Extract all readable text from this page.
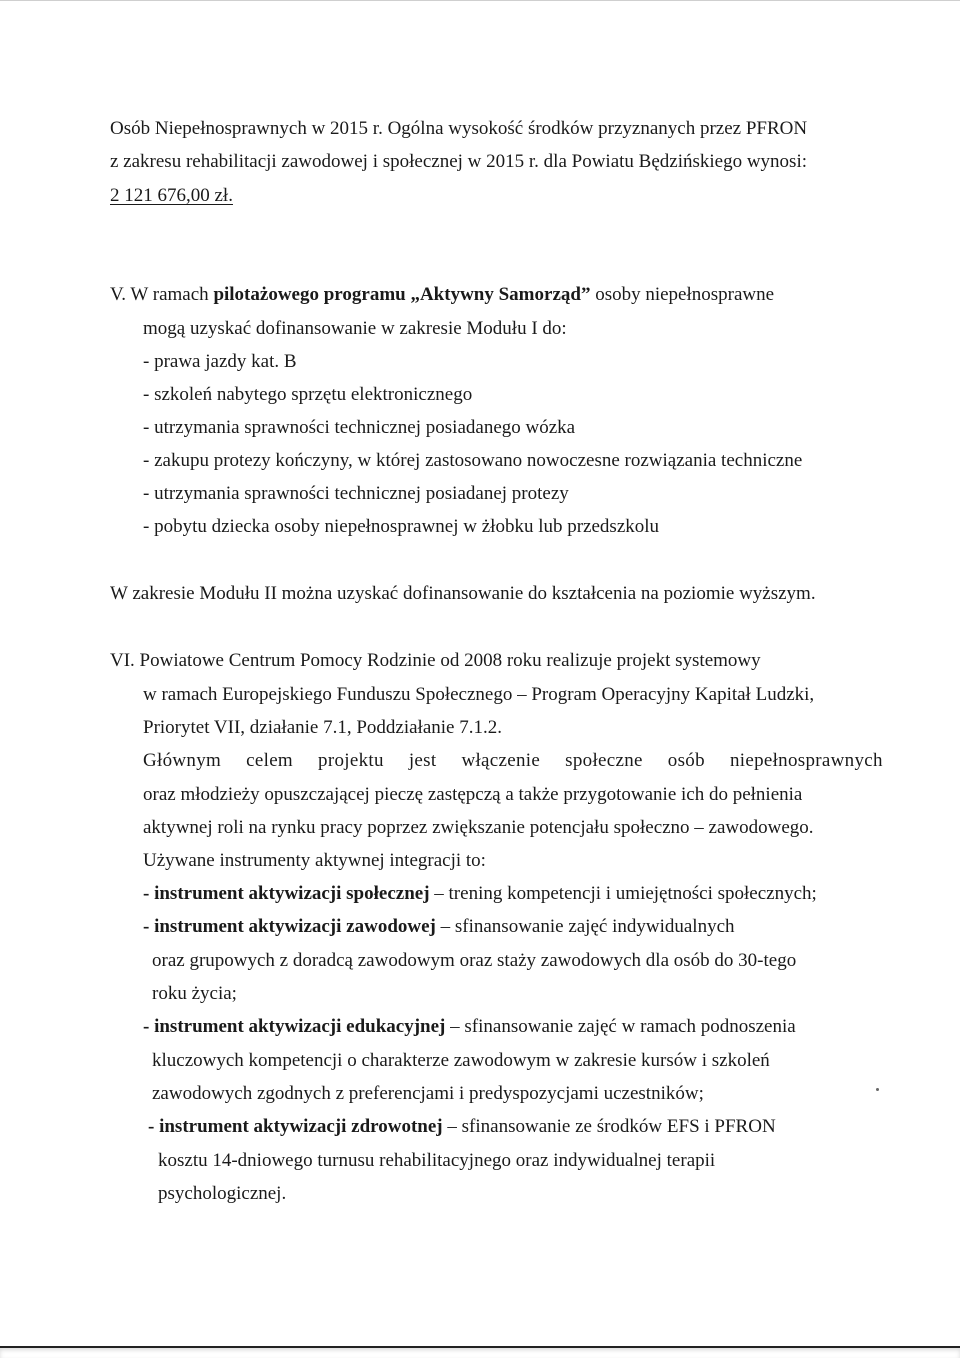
Osób Niepełnosprawnych w 2015 r. Ogólna wysokość środków przyznanych przez PFRON
z zakresu rehabilitacji zawodowej i społecznej w 2015 r. dla Powiatu Będzińskiego wynosi:
2 121 676,00 zł.
V. W ramach pilotażowego programu „Aktywny Samorząd” osoby niepełnosprawne
mogą uzyskać dofinansowanie w zakresie Modułu I do:
- prawa jazdy kat. B
- szkoleń nabytego sprzętu elektronicznego
- utrzymania sprawności technicznej posiadanego wózka
- zakupu protezy kończyny, w której zastosowano nowoczesne rozwiązania techniczne
- utrzymania sprawności technicznej posiadanej protezy
- pobytu dziecka osoby niepełnosprawnej w żłobku lub przedszkolu
W zakresie Modułu II można uzyskać dofinansowanie do kształcenia na poziomie wyższym.
VI. Powiatowe Centrum Pomocy Rodzinie od 2008 roku realizuje projekt systemowy
w ramach Europejskiego Funduszu Społecznego – Program Operacyjny Kapitał Ludzki,
Priorytet VII, działanie 7.1, Poddziałanie 7.1.2.
Głównym celem projektu jest włączenie społeczne osób niepełnosprawnych
oraz młodzieży opuszczającej pieczę zastępczą a także przygotowanie ich do pełnienia
aktywnej roli na rynku pracy poprzez zwiększanie potencjału społeczno – zawodowego.
Używane instrumenty aktywnej integracji to:
- instrument aktywizacji społecznej – trening kompetencji i umiejętności społecznych;
- instrument aktywizacji zawodowej – sfinansowanie zajęć indywidualnych
oraz grupowych z doradcą zawodowym oraz staży zawodowych dla osób do 30-tego
roku życia;
- instrument aktywizacji edukacyjnej – sfinansowanie zajęć w ramach podnoszenia
kluczowych kompetencji o charakterze zawodowym w zakresie kursów i szkoleń
zawodowych zgodnych z preferencjami i predyspozycjami uczestników;
- instrument aktywizacji zdrowotnej – sfinansowanie ze środków EFS i PFRON
kosztu 14-dniowego turnusu rehabilitacyjnego oraz indywidualnej terapii
psychologicznej.
